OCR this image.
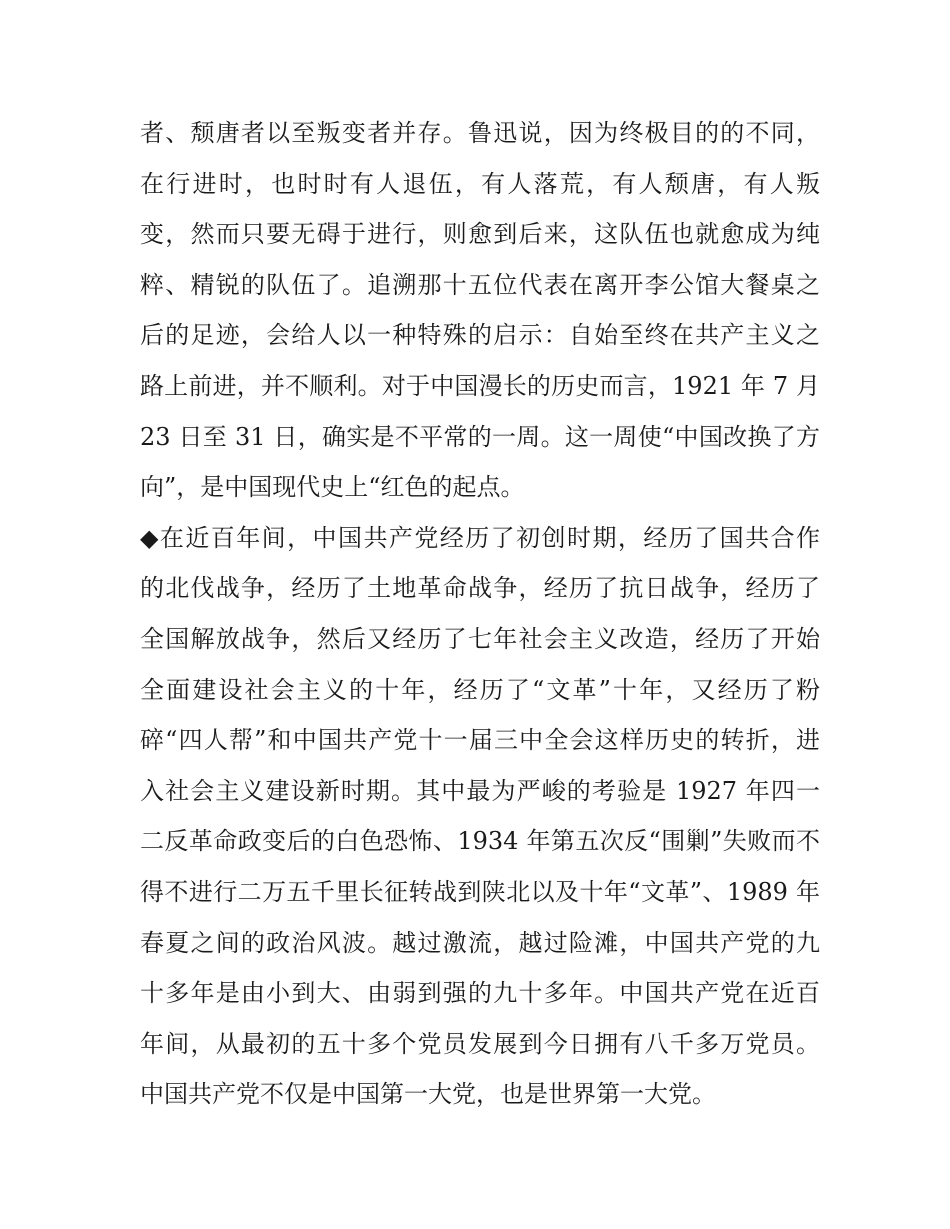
者、颓唐者以至叛变者并存。鲁迅说，因为终极目的的不同，
在行进时，也时时有人退伍，有人落荒，有人颓唐，有人叛
变，然而只要无碍于进行，则愈到后来，这队伍也就愈成为纯
粹、精锐的队伍了。追溯那十五位代表在离开李公馆大餐桌之
后的足迹，会给人以一种特殊的启示：自始至终在共产主义之
路上前进，并不顺利。对于中国漫长的历史而言，1921 年 7 月
23 日至 31 日，确实是不平常的一周。这一周使“中国改换了方
向”，是中国现代史上“红色的起点。
◆在近百年间，中国共产党经历了初创时期，经历了国共合作
的北伐战争，经历了土地革命战争，经历了抗日战争，经历了
全国解放战争，然后又经历了七年社会主义改造，经历了开始
全面建设社会主义的十年，经历了“文革”十年，又经历了粉
碎“四人帮”和中国共产党十一届三中全会这样历史的转折，进
入社会主义建设新时期。其中最为严峻的考验是 1927 年四一
二反革命政变后的白色恐怖、1934 年第五次反“围剿”失败而不
得不进行二万五千里长征转战到陕北以及十年“文革”、1989 年
春夏之间的政治风波。越过激流，越过险滩，中国共产党的九
十多年是由小到大、由弱到强的九十多年。中国共产党在近百
年间，从最初的五十多个党员发展到今日拥有八千多万党员。
中国共产党不仅是中国第一大党，也是世界第一大党。
